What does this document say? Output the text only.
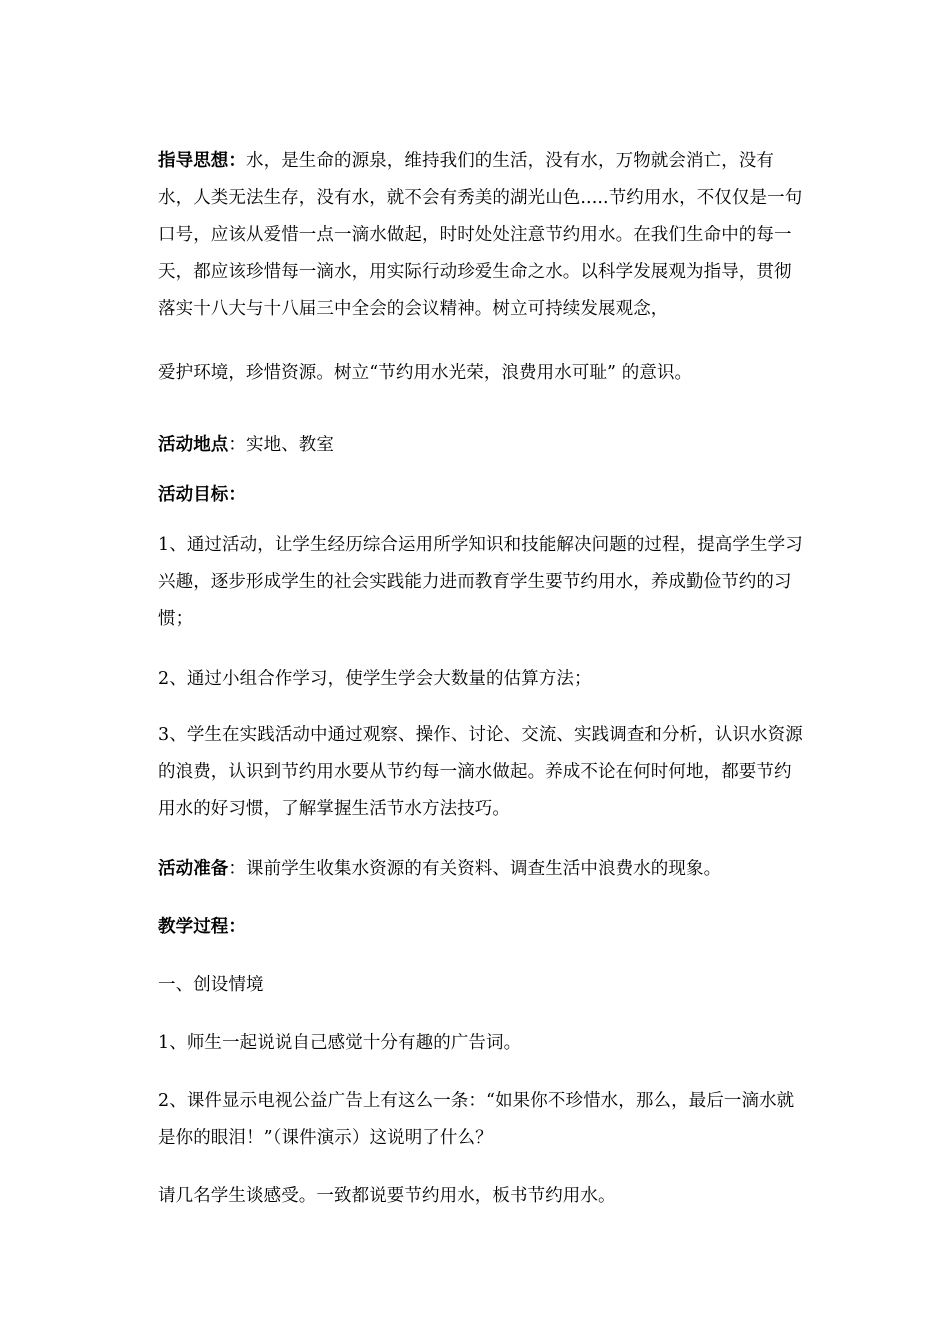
指导思想：水，是生命的源泉，维持我们的生活，没有水，万物就会消亡，没有水，人类无法生存，没有水，就不会有秀美的湖光山色.....节约用水，不仅仅是一句口号，应该从爱惜一点一滴水做起，时时处处注意节约用水。在我们生命中的每一天，都应该珍惜每一滴水，用实际行动珍爱生命之水。以科学发展观为指导，贯彻落实十八大与十八届三中全会的会议精神。树立可持续发展观念，

爱护环境，珍惜资源。树立“节约用水光荣，浪费用水可耻” 的意识。

活动地点：实地、教室

活动目标：

1、通过活动，让学生经历综合运用所学知识和技能解决问题的过程，提高学生学习兴趣，逐步形成学生的社会实践能力进而教育学生要节约用水，养成勤俭节约的习惯；

2、通过小组合作学习，使学生学会大数量的估算方法；

3、学生在实践活动中通过观察、操作、讨论、交流、实践调查和分析，认识水资源的浪费，认识到节约用水要从节约每一滴水做起。养成不论在何时何地，都要节约用水的好习惯，了解掌握生活节水方法技巧。

活动准备：课前学生收集水资源的有关资料、调查生活中浪费水的现象。

教学过程：

一、创设情境

1、师生一起说说自己感觉十分有趣的广告词。

2、课件显示电视公益广告上有这么一条：“如果你不珍惜水，那么，最后一滴水就是你的眼泪！”（课件演示）这说明了什么？

请几名学生谈感受。一致都说要节约用水，板书节约用水。
